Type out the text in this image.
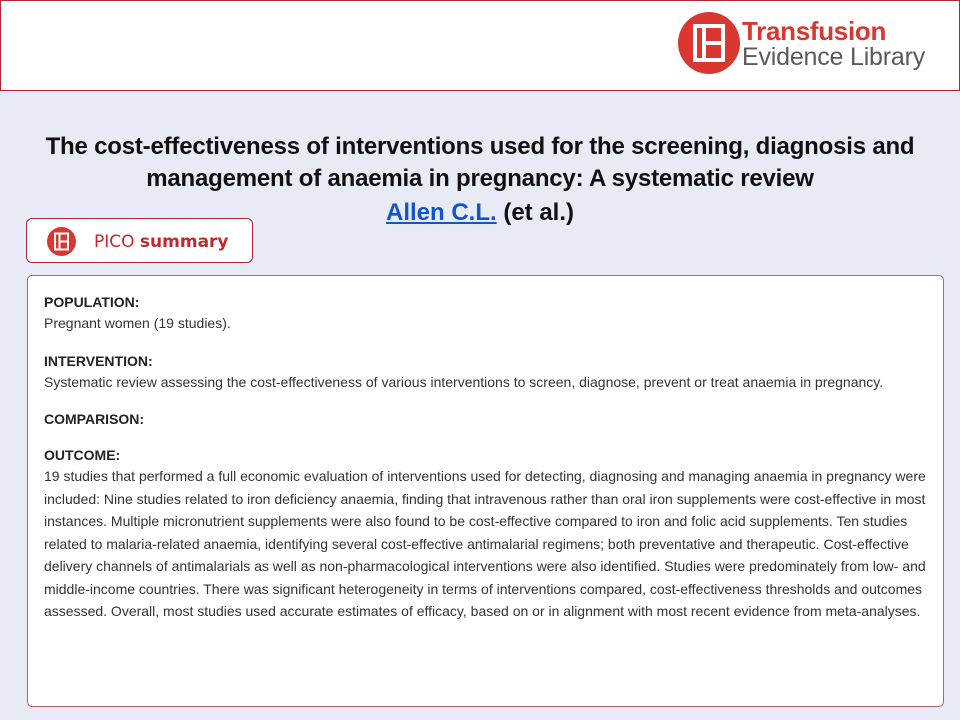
Transfusion
Evidence Library
The cost-effectiveness of interventions used for the screening, diagnosis and management of anaemia in pregnancy: A systematic review
Allen C.L. (et al.)
PICO summary
POPULATION:

Pregnant women (19 studies).

INTERVENTION:

Systematic review assessing the cost-effectiveness of various interventions to screen, diagnose, prevent or treat anaemia in pregnancy.

COMPARISON:

OUTCOME:

19 studies that performed a full economic evaluation of interventions used for detecting, diagnosing and managing anaemia in pregnancy were included: Nine studies related to iron deficiency anaemia, finding that intravenous rather than oral iron supplements were cost-effective in most instances. Multiple micronutrient supplements were also found to be cost-effective compared to iron and folic acid supplements. Ten studies related to malaria-related anaemia, identifying several cost-effective antimalarial regimens; both preventative and therapeutic. Cost-effective delivery channels of antimalarials as well as non-pharmacological interventions were also identified. Studies were predominately from low- and middle-income countries. There was significant heterogeneity in terms of interventions compared, cost-effectiveness thresholds and outcomes assessed. Overall, most studies used accurate estimates of efficacy, based on or in alignment with most recent evidence from meta-analyses.
